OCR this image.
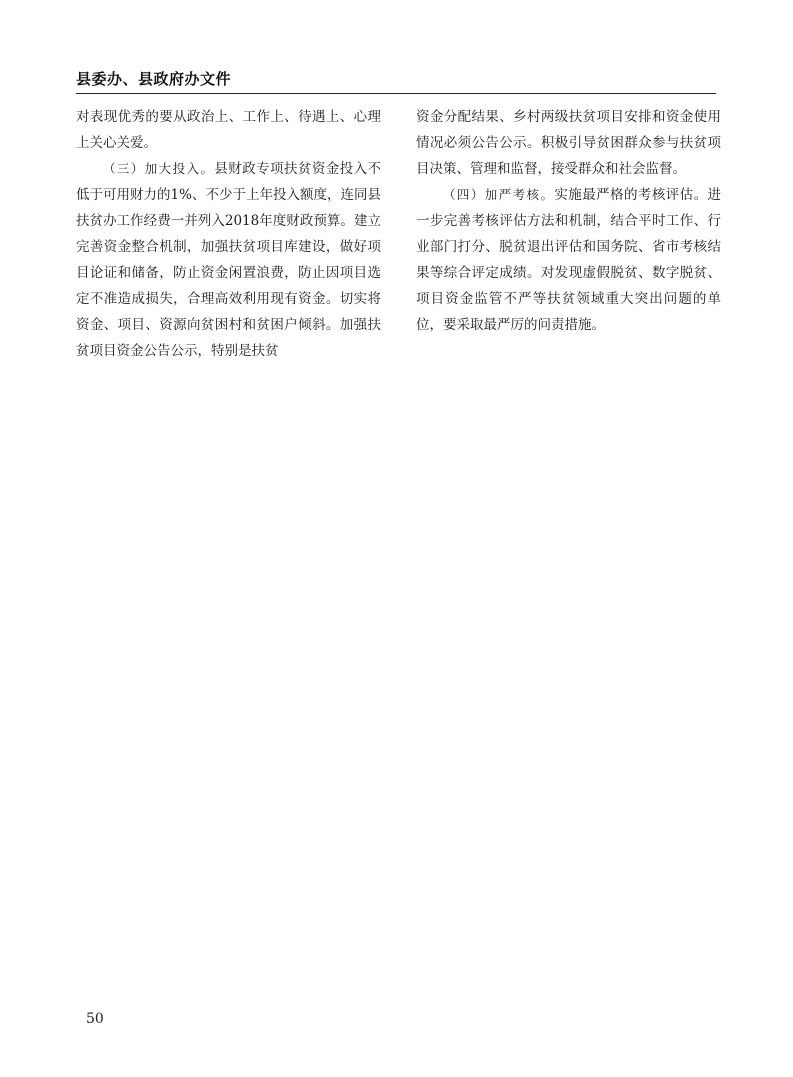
县委办、县政府办文件

对表现优秀的要从政治上、工作上、待遇上、心理上关心关爱。

（三）加大投入。县财政专项扶贫资金投入不低于可用财力的1%、不少于上年投入额度，连同县扶贫办工作经费一并列入2018年度财政预算。建立完善资金整合机制，加强扶贫项目库建设，做好项目论证和储备，防止资金闲置浪费，防止因项目选定不准造成损失，合理高效利用现有资金。切实将资金、项目、资源向贫困村和贫困户倾斜。加强扶贫项目资金公告公示，特别是扶贫

资金分配结果、乡村两级扶贫项目安排和资金使用情况必须公告公示。积极引导贫困群众参与扶贫项目决策、管理和监督，接受群众和社会监督。

（四）加严考核。实施最严格的考核评估。进一步完善考核评估方法和机制，结合平时工作、行业部门打分、脱贫退出评估和国务院、省市考核结果等综合评定成绩。对发现虚假脱贫、数字脱贫、项目资金监管不严等扶贫领域重大突出问题的单位，要采取最严厉的问责措施。

50
